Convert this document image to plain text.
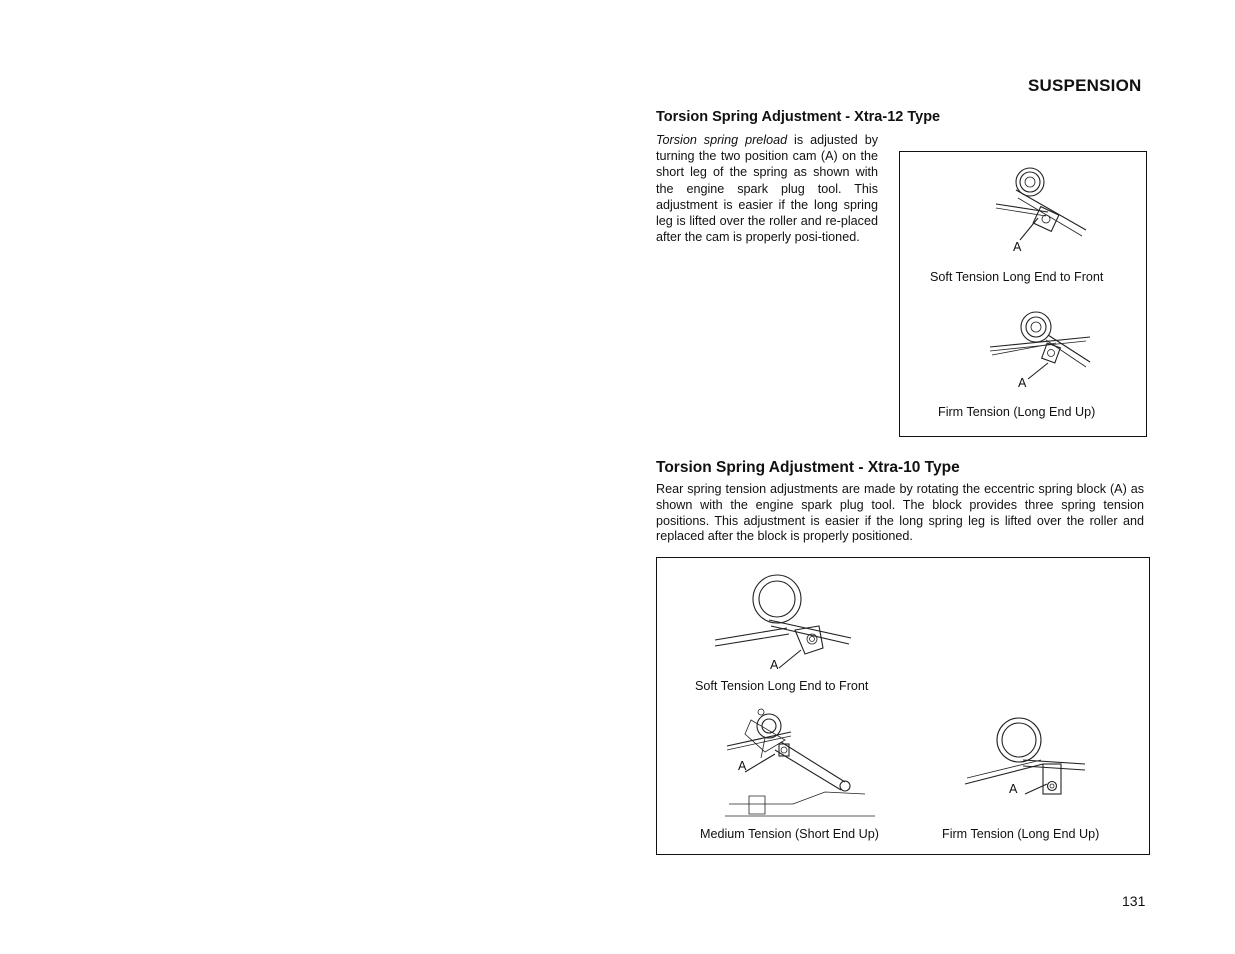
SUSPENSION
Torsion Spring Adjustment - Xtra-12 Type
Torsion spring preload is adjusted by turning the two position cam (A) on the short leg of the spring as shown with the engine spark plug tool. This adjustment is easier if the long spring leg is lifted over the roller and re-placed after the cam is properly posi-tioned.
A
Soft Tension Long End to Front
A
Firm Tension (Long End Up)
Torsion Spring Adjustment - Xtra-10 Type
Rear spring tension adjustments are made by rotating the eccentric spring block (A) as shown with the engine spark plug tool. The block provides three spring tension positions. This adjustment is easier if the long spring leg is lifted over the roller and replaced after the block is properly positioned.
A
Soft Tension Long End to Front
A
Medium Tension (Short End Up)
A
Firm Tension (Long End Up)
131
